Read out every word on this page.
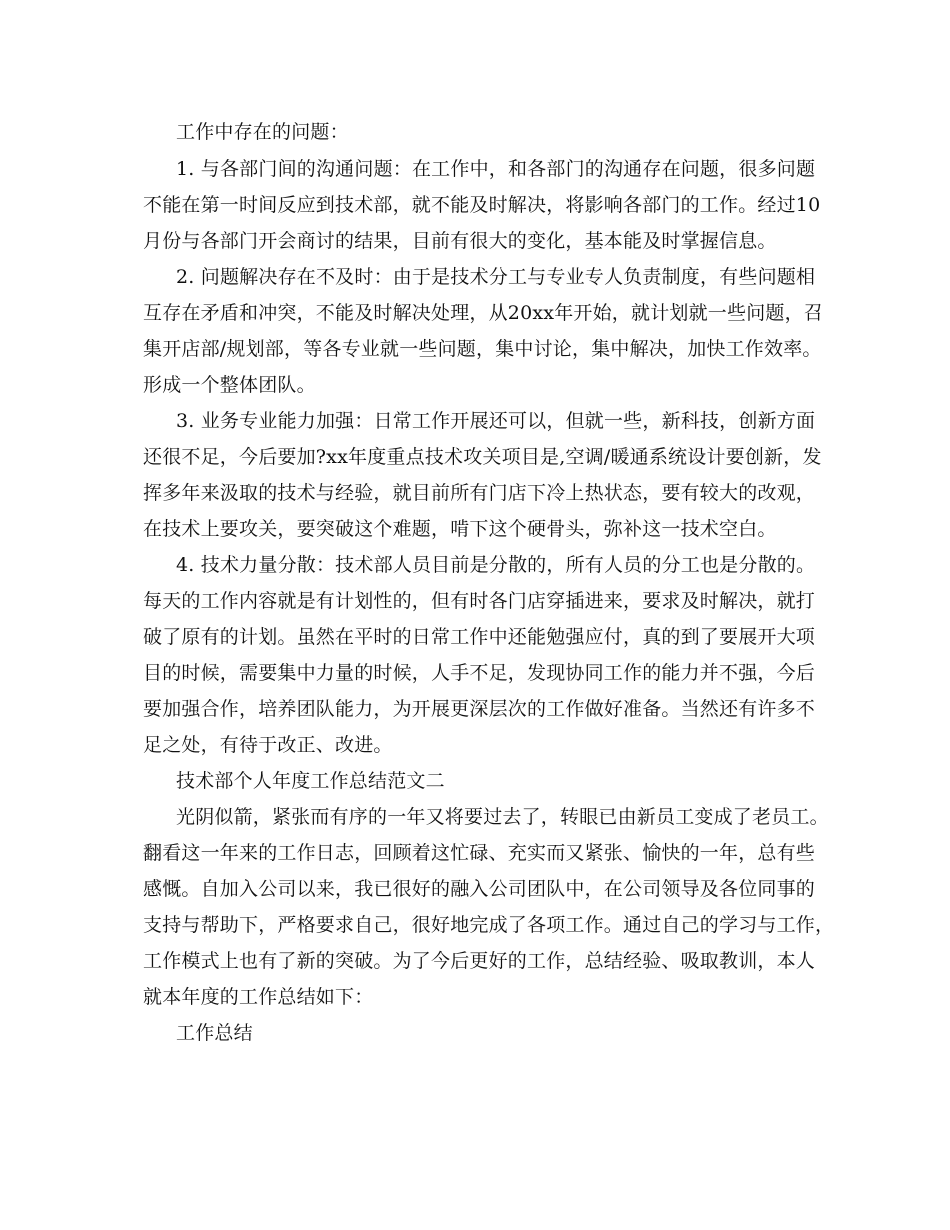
工作中存在的问题：
1. 与各部门间的沟通问题：在工作中，和各部门的沟通存在问题，很多问题
不能在第一时间反应到技术部，就不能及时解决，将影响各部门的工作。经过10
月份与各部门开会商讨的结果，目前有很大的变化，基本能及时掌握信息。
2. 问题解决存在不及时：由于是技术分工与专业专人负责制度，有些问题相
互存在矛盾和冲突，不能及时解决处理，从20xx年开始，就计划就一些问题，召
集开店部/规划部，等各专业就一些问题，集中讨论，集中解决，加快工作效率。
形成一个整体团队。
3. 业务专业能力加强：日常工作开展还可以，但就一些，新科技，创新方面
还很不足，今后要加?xx年度重点技术攻关项目是,空调/暖通系统设计要创新，发
挥多年来汲取的技术与经验，就目前所有门店下冷上热状态，要有较大的改观，
在技术上要攻关，要突破这个难题，啃下这个硬骨头，弥补这一技术空白。
4. 技术力量分散：技术部人员目前是分散的，所有人员的分工也是分散的。
每天的工作内容就是有计划性的，但有时各门店穿插进来，要求及时解决，就打
破了原有的计划。虽然在平时的日常工作中还能勉强应付，真的到了要展开大项
目的时候，需要集中力量的时候，人手不足，发现协同工作的能力并不强，今后
要加强合作，培养团队能力，为开展更深层次的工作做好准备。当然还有许多不
足之处，有待于改正、改进。
技术部个人年度工作总结范文二
光阴似箭，紧张而有序的一年又将要过去了，转眼已由新员工变成了老员工。
翻看这一年来的工作日志，回顾着这忙碌、充实而又紧张、愉快的一年，总有些
感慨。自加入公司以来，我已很好的融入公司团队中，在公司领导及各位同事的
支持与帮助下，严格要求自己，很好地完成了各项工作。通过自己的学习与工作，
工作模式上也有了新的突破。为了今后更好的工作，总结经验、吸取教训，本人
就本年度的工作总结如下：
工作总结
